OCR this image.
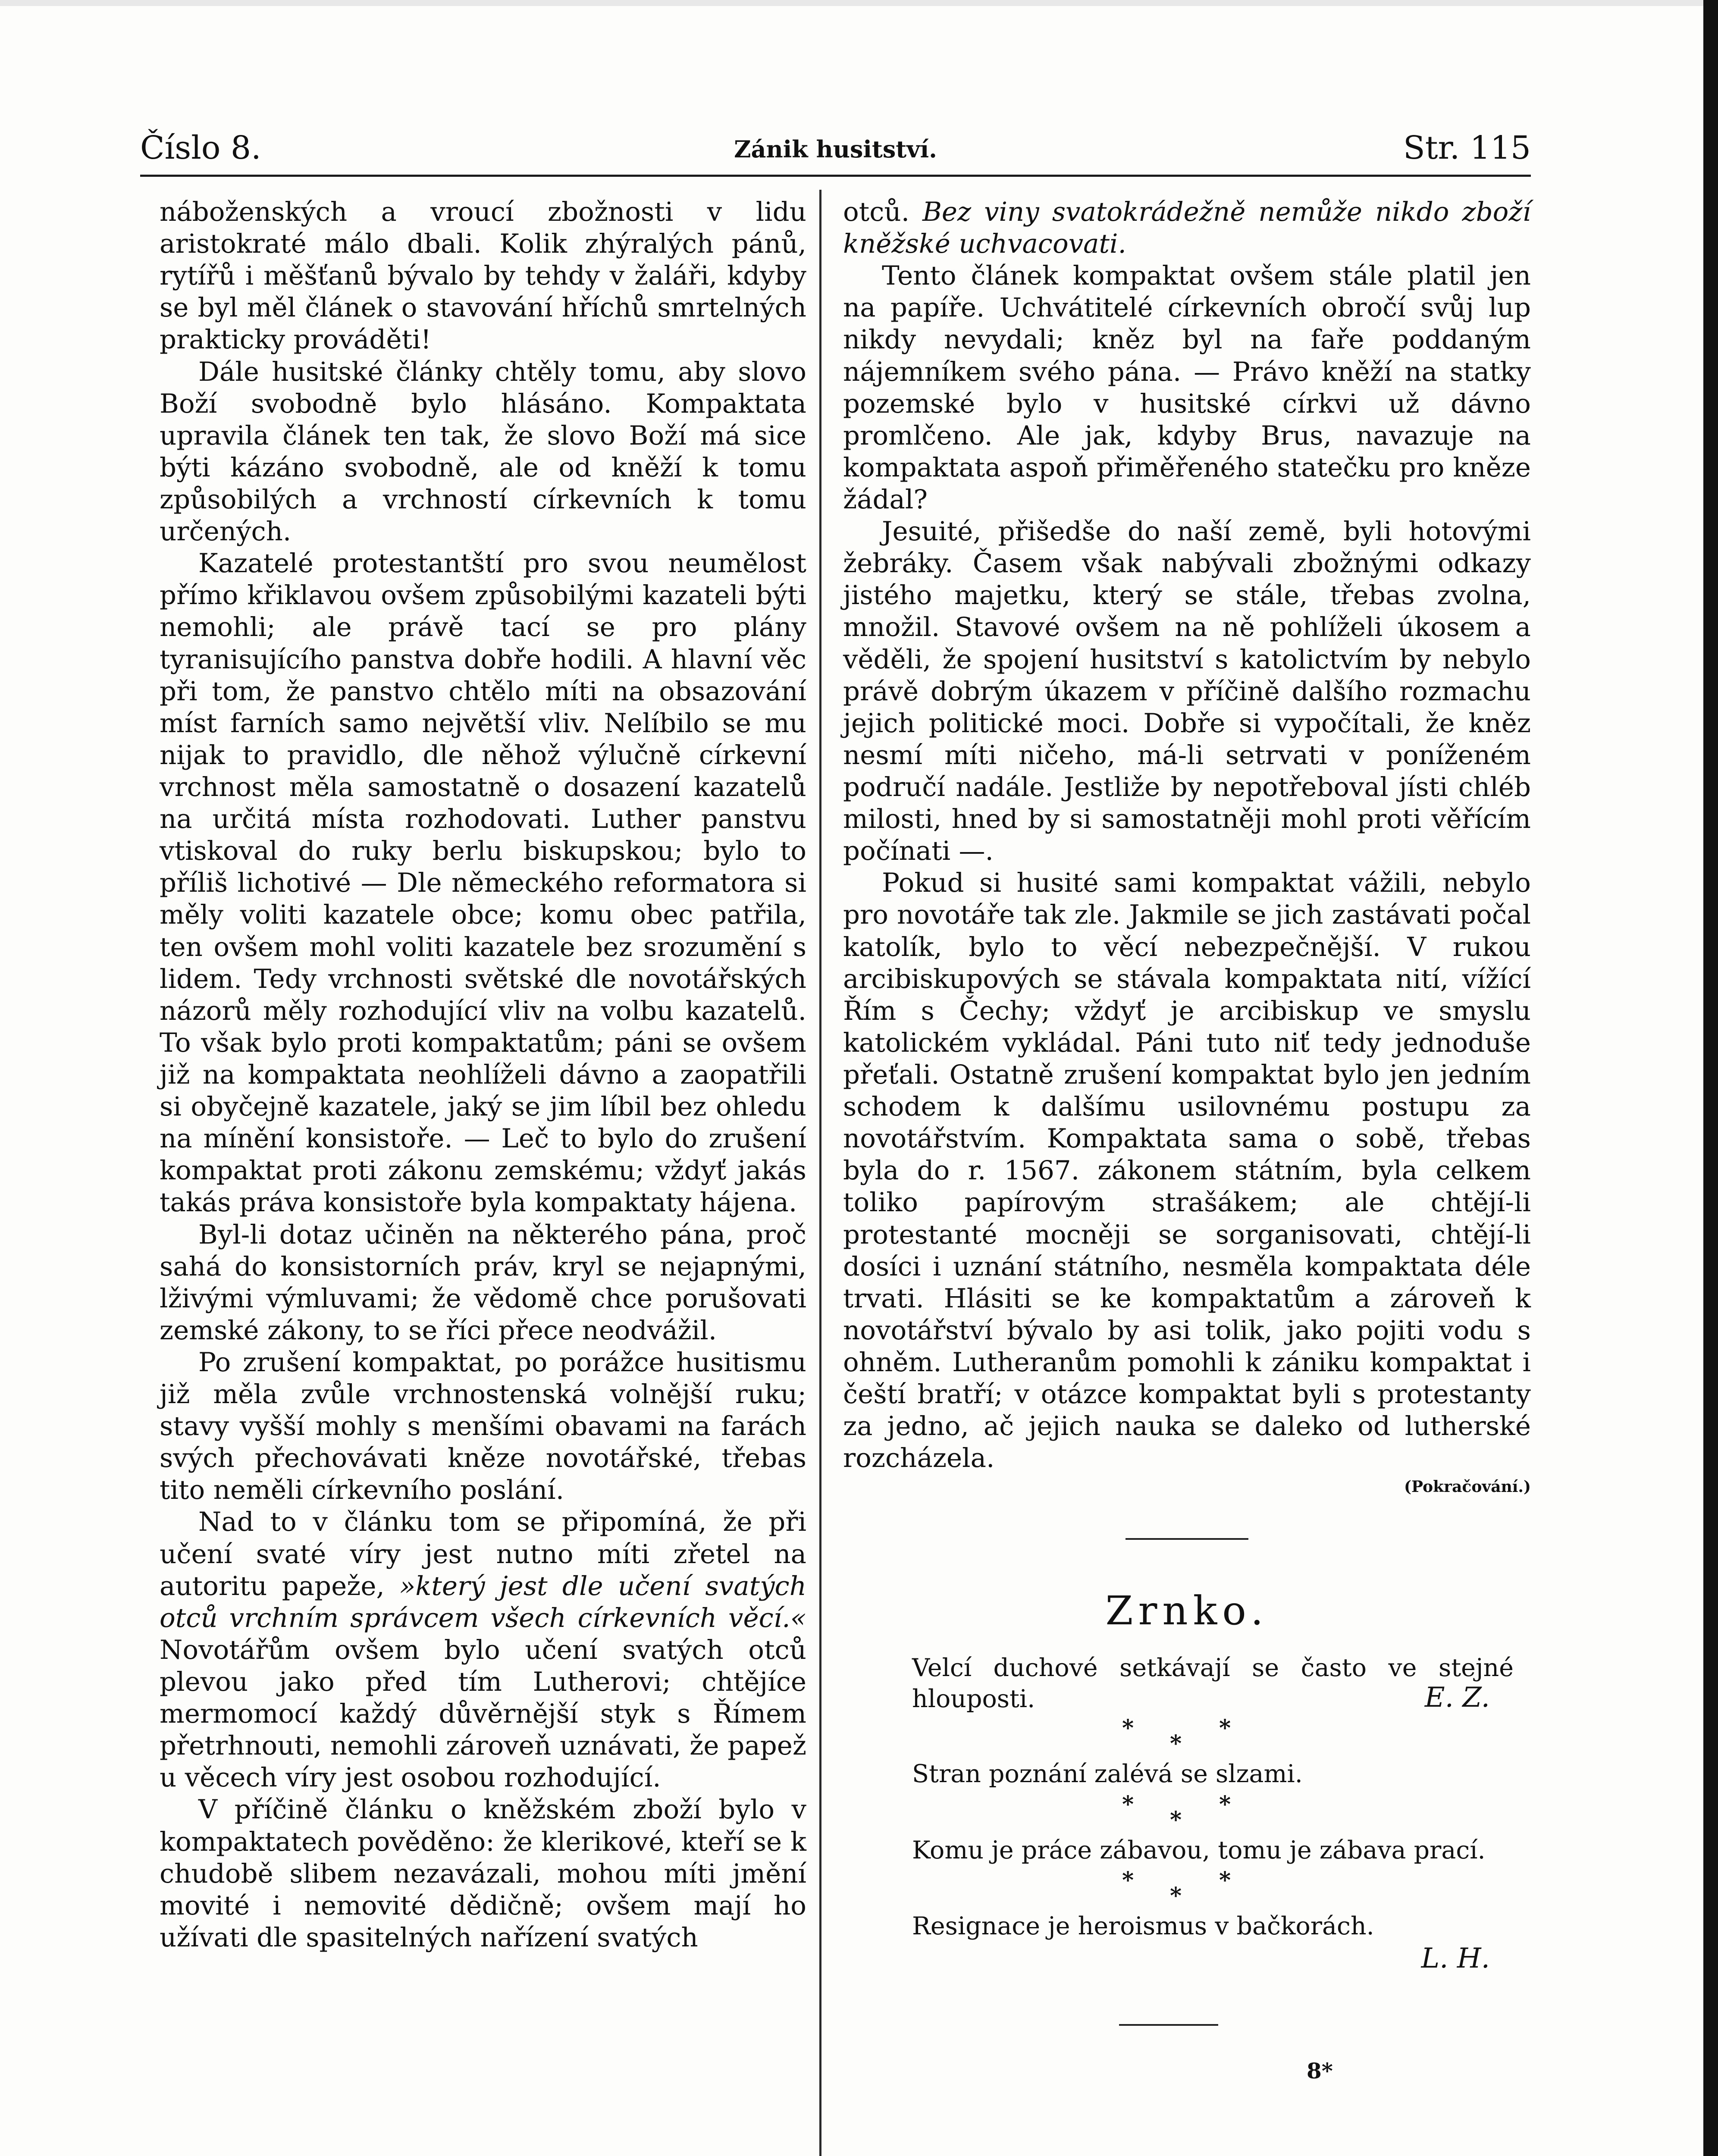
Číslo 8.	Zánik husitství.	Str. 115

náboženských a vroucí zbožnosti v lidu aristokraté málo dbali. Kolik zhýralých pánů, rytířů i měšťanů bývalo by tehdy v žaláři, kdyby se byl měl článek o stavování hříchů smrtelných prakticky prováděti!

Dále husitské články chtěly tomu, aby slovo Boží svobodně bylo hlásáno. Kompaktata upravila článek ten tak, že slovo Boží má sice býti kázáno svobodně, ale od kněží k tomu způsobilých a vrchností církevních k tomu určených.

Kazatelé protestantští pro svou neumělost přímo křiklavou ovšem způsobilými kazateli býti nemohli; ale právě tací se pro plány tyranisujícího panstva dobře hodili. A hlavní věc při tom, že panstvo chtělo míti na obsazování míst farních samo největší vliv. Nelíbilo se mu nijak to pravidlo, dle něhož výlučně církevní vrchnost měla samostatně o dosazení kazatelů na určitá místa rozhodovati. Luther panstvu vtiskoval do ruky berlu biskupskou; bylo to příliš lichotivé — Dle německého reformatora si měly voliti kazatele obce; komu obec patřila, ten ovšem mohl voliti kazatele bez srozumění s lidem. Tedy vrchnosti světské dle novotářských názorů měly rozhodující vliv na volbu kazatelů. To však bylo proti kompaktatům; páni se ovšem již na kompaktata neohlíželi dávno a zaopatřili si obyčejně kazatele, jaký se jim líbil bez ohledu na mínění konsistoře. — Leč to bylo do zrušení kompaktat proti zákonu zemskému; vždyť jakás takás práva konsistoře byla kompaktaty hájena.

Byl-li dotaz učiněn na některého pána, proč sahá do konsistorních práv, kryl se nejapnými, lživými výmluvami; že vědomě chce porušovati zemské zákony, to se říci přece neodvážil.

Po zrušení kompaktat, po porážce husitismu již měla zvůle vrchnostenská volnější ruku; stavy vyšší mohly s menšími obavami na farách svých přechovávati kněze novotářské, třebas tito neměli církevního poslání.

Nad to v článku tom se připomíná, že při učení svaté víry jest nutno míti zřetel na autoritu papeže, »který jest dle učení svatých otců vrchním správcem všech církevních věcí.« Novotářům ovšem bylo učení svatých otců plevou jako před tím Lutherovi; chtějíce mermomocí každý důvěrnější styk s Římem přetrhnouti, nemohli zároveň uznávati, že papež u věcech víry jest osobou rozhodující.

V příčině článku o kněžském zboží bylo v kompaktatech pověděno: že klerikové, kteří se k chudobě slibem nezavázali, mohou míti jmění movité i nemovité dědičně; ovšem mají ho užívati dle spasitelných nařízení svatých

otců. Bez viny svatokrádežně nemůže nikdo zboží kněžské uchvacovati.

Tento článek kompaktat ovšem stále platil jen na papíře. Uchvátitelé církevních obročí svůj lup nikdy nevydali; kněz byl na faře poddaným nájemníkem svého pána. — Právo kněží na statky pozemské bylo v husitské církvi už dávno promlčeno. Ale jak, kdyby Brus, navazuje na kompaktata aspoň přiměřeného statečku pro kněze žádal?

Jesuité, přišedše do naší země, byli hotovými žebráky. Časem však nabývali zbožnými odkazy jistého majetku, který se stále, třebas zvolna, množil. Stavové ovšem na ně pohlíželi úkosem a věděli, že spojení husitství s katolictvím by nebylo právě dobrým úkazem v příčině dalšího rozmachu jejich politické moci. Dobře si vypočítali, že kněz nesmí míti ničeho, má-li setrvati v poníženém područí nadále. Jestliže by nepotřeboval jísti chléb milosti, hned by si samostatněji mohl proti věřícím počínati —.

Pokud si husité sami kompaktat vážili, nebylo pro novotáře tak zle. Jakmile se jich zastávati počal katolík, bylo to věcí nebezpečnější. V rukou arcibiskupových se stávala kompaktata nití, vížící Řím s Čechy; vždyť je arcibiskup ve smyslu katolickém vykládal. Páni tuto niť tedy jednoduše přeťali. Ostatně zrušení kompaktat bylo jen jedním schodem k dalšímu usilovnému postupu za novotářstvím. Kompaktata sama o sobě, třebas byla do r. 1567. zákonem státním, byla celkem toliko papírovým strašákem; ale chtějí-li protestanté mocněji se sorganisovati, chtějí-li dosíci i uznání státního, nesměla kompaktata déle trvati. Hlásiti se ke kompaktatům a zároveň k novotářství bývalo by asi tolik, jako pojiti vodu s ohněm. Lutheranům pomohli k zániku kompaktat i čeští bratří; v otázce kompaktat byli s protestanty za jedno, ač jejich nauka se daleko od lutherské rozcházela.

(Pokračování.)

Zrnko.

Velcí duchové setkávají se často ve stejné hlouposti.	E. Z.
*
*
*

Stran poznání zalévá se slzami.

*
*
*

Komu je práce zábavou, tomu je zábava prací.

*
*
*

Resignace je heroismus v bačkorách.

L. H.

8*
